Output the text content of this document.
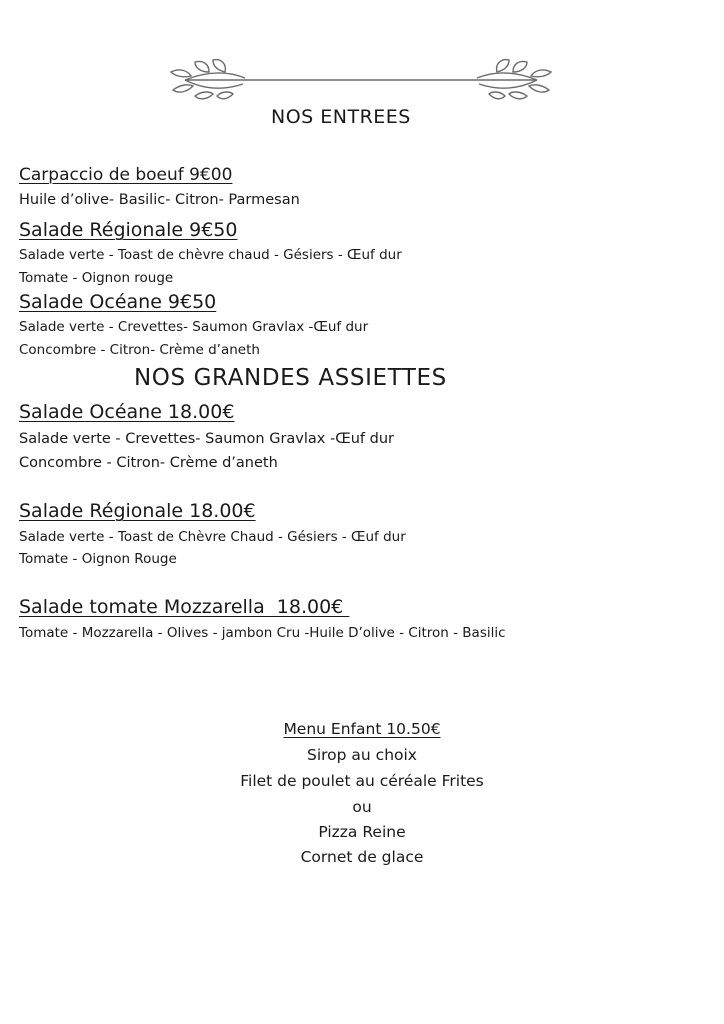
NOS ENTREES
Carpaccio de boeuf 9€00
Huile d’olive- Basilic- Citron- Parmesan
Salade Régionale 9€50
Salade verte - Toast de chèvre chaud - Gésiers - Œuf dur
Tomate - Oignon rouge
Salade Océane 9€50
Salade verte - Crevettes- Saumon Gravlax -Œuf dur
Concombre - Citron- Crème d’aneth
NOS GRANDES ASSIETTES
Salade Océane 18.00€
Salade verte - Crevettes- Saumon Gravlax -Œuf dur
Concombre - Citron- Crème d’aneth
Salade Régionale 18.00€
Salade verte - Toast de Chèvre Chaud - Gésiers - Œuf dur
Tomate - Oignon Rouge
Salade tomate Mozzarella  18.00€
Tomate - Mozzarella - Olives - jambon Cru -Huile D’olive - Citron - Basilic
Menu Enfant 10.50€
Sirop au choix
Filet de poulet au céréale Frites
ou
Pizza Reine
Cornet de glace
